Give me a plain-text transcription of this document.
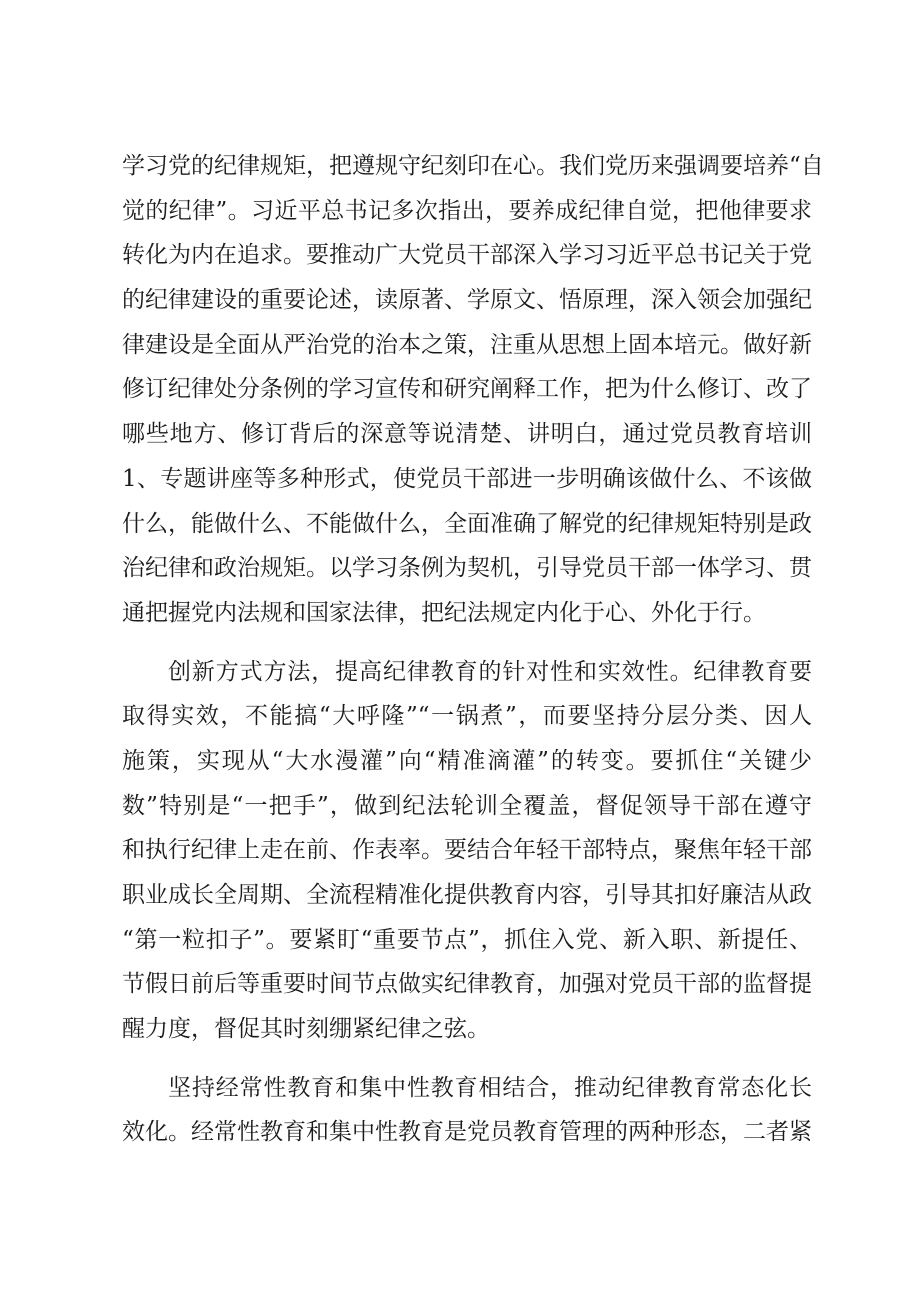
学习党的纪律规矩，把遵规守纪刻印在心。我们党历来强调要培养“自
觉的纪律”。习近平总书记多次指出，要养成纪律自觉，把他律要求
转化为内在追求。要推动广大党员干部深入学习习近平总书记关于党
的纪律建设的重要论述，读原著、学原文、悟原理，深入领会加强纪
律建设是全面从严治党的治本之策，注重从思想上固本培元。做好新
修订纪律处分条例的学习宣传和研究阐释工作，把为什么修订、改了
哪些地方、修订背后的深意等说清楚、讲明白，通过党员教育培训
1、专题讲座等多种形式，使党员干部进一步明确该做什么、不该做
什么，能做什么、不能做什么，全面准确了解党的纪律规矩特别是政
治纪律和政治规矩。以学习条例为契机，引导党员干部一体学习、贯
通把握党内法规和国家法律，把纪法规定内化于心、外化于行。
创新方式方法，提高纪律教育的针对性和实效性。纪律教育要
取得实效，不能搞“大呼隆”“一锅煮”，而要坚持分层分类、因人
施策，实现从“大水漫灌”向“精准滴灌”的转变。要抓住“关键少
数”特别是“一把手”，做到纪法轮训全覆盖，督促领导干部在遵守
和执行纪律上走在前、作表率。要结合年轻干部特点，聚焦年轻干部
职业成长全周期、全流程精准化提供教育内容，引导其扣好廉洁从政
“第一粒扣子”。要紧盯“重要节点”，抓住入党、新入职、新提任、
节假日前后等重要时间节点做实纪律教育，加强对党员干部的监督提
醒力度，督促其时刻绷紧纪律之弦。
坚持经常性教育和集中性教育相结合，推动纪律教育常态化长
效化。经常性教育和集中性教育是党员教育管理的两种形态，二者紧
